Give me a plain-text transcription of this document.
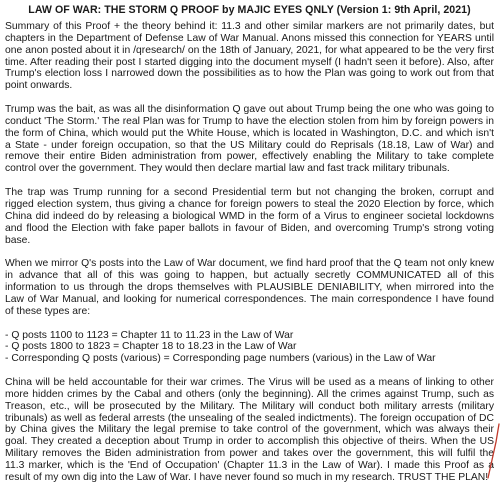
LAW OF WAR: THE STORM Q PROOF by MAJIC EYES QNLY (Version 1: 9th April, 2021)

Summary of this Proof + the theory behind it: 11.3 and other similar markers are not primarily dates, but chapters in the Department of Defense Law of War Manual. Anons missed this connection for YEARS until one anon posted about it in /qresearch/ on the 18th of January, 2021, for what appeared to be the very first time. After reading their post I started digging into the document myself (I hadn't seen it before). Also, after Trump's election loss I narrowed down the possibilities as to how the Plan was going to work out from that point onwards.

Trump was the bait, as was all the disinformation Q gave out about Trump being the one who was going to conduct 'The Storm.' The real Plan was for Trump to have the election stolen from him by foreign powers in the form of China, which would put the White House, which is located in Washington, D.C. and which isn't a State - under foreign occupation, so that the US Military could do Reprisals (18.18, Law of War) and remove their entire Biden administration from power, effectively enabling the Military to take complete control over the government. They would then declare martial law and fast track military tribunals.

The trap was Trump running for a second Presidential term but not changing the broken, corrupt and rigged election system, thus giving a chance for foreign powers to steal the 2020 Election by force, which China did indeed do by releasing a biological WMD in the form of a Virus to engineer societal lockdowns and flood the Election with fake paper ballots in favour of Biden, and overcoming Trump's strong voting base.

When we mirror Q's posts into the Law of War document, we find hard proof that the Q team not only knew in advance that all of this was going to happen, but actually secretly COMMUNICATED all of this information to us through the drops themselves with PLAUSIBLE DENIABILITY, when mirrored into the Law of War Manual, and looking for numerical correspondences. The main correspondence I have found of these types are:

- Q posts 1100 to 1123 = Chapter 11 to 11.23 in the Law of War
- Q posts 1800 to 1823 = Chapter 18 to 18.23 in the Law of War
- Corresponding Q posts (various) = Corresponding page numbers (various) in the Law of War

China will be held accountable for their war crimes. The Virus will be used as a means of linking to other more hidden crimes by the Cabal and others (only the beginning). All the crimes against Trump, such as Treason, etc., will be prosecuted by the Military. The Military will conduct both military arrests (military tribunals) as well as federal arrests (the unsealing of the sealed indictments). The foreign occupation of DC by China gives the Military the legal premise to take control of the government, which was always their goal. They created a deception about Trump in order to accomplish this objective of theirs. When the US Military removes the Biden administration from power and takes over the government, this will fulfil the 11.3 marker, which is the 'End of Occupation' (Chapter 11.3 in the Law of War). I made this Proof as a result of my own dig into the Law of War. I have never found so much in my research. TRUST THE PLAN!
